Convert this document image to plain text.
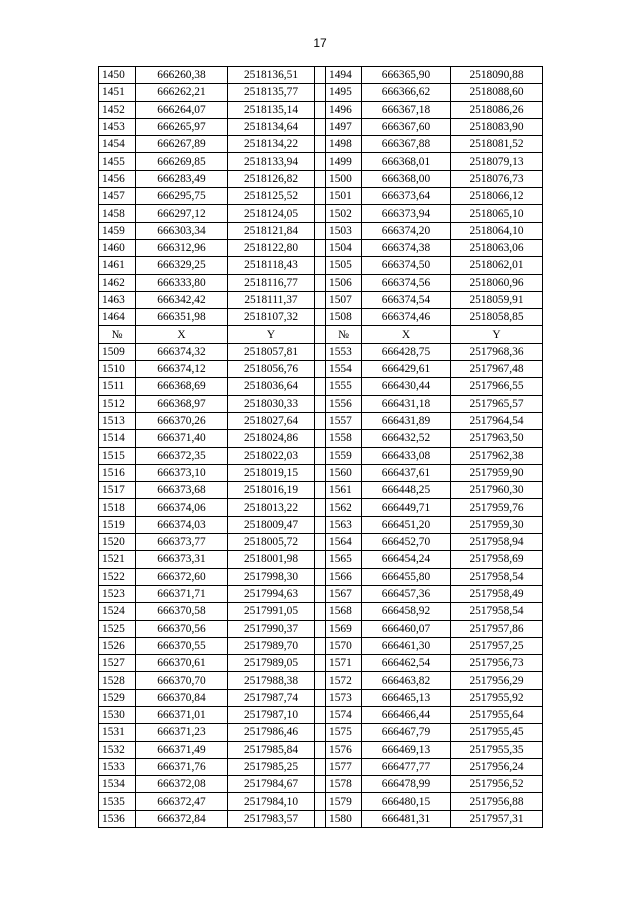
17
1450	666260,38	2518136,51		1494	666365,90	2518090,88
1451	666262,21	2518135,77		1495	666366,62	2518088,60
1452	666264,07	2518135,14		1496	666367,18	2518086,26
1453	666265,97	2518134,64		1497	666367,60	2518083,90
1454	666267,89	2518134,22		1498	666367,88	2518081,52
1455	666269,85	2518133,94		1499	666368,01	2518079,13
1456	666283,49	2518126,82		1500	666368,00	2518076,73
1457	666295,75	2518125,52		1501	666373,64	2518066,12
1458	666297,12	2518124,05		1502	666373,94	2518065,10
1459	666303,34	2518121,84		1503	666374,20	2518064,10
1460	666312,96	2518122,80		1504	666374,38	2518063,06
1461	666329,25	2518118,43		1505	666374,50	2518062,01
1462	666333,80	2518116,77		1506	666374,56	2518060,96
1463	666342,42	2518111,37		1507	666374,54	2518059,91
1464	666351,98	2518107,32		1508	666374,46	2518058,85
№	X	Y		№	X	Y
1509	666374,32	2518057,81		1553	666428,75	2517968,36
1510	666374,12	2518056,76		1554	666429,61	2517967,48
1511	666368,69	2518036,64		1555	666430,44	2517966,55
1512	666368,97	2518030,33		1556	666431,18	2517965,57
1513	666370,26	2518027,64		1557	666431,89	2517964,54
1514	666371,40	2518024,86		1558	666432,52	2517963,50
1515	666372,35	2518022,03		1559	666433,08	2517962,38
1516	666373,10	2518019,15		1560	666437,61	2517959,90
1517	666373,68	2518016,19		1561	666448,25	2517960,30
1518	666374,06	2518013,22		1562	666449,71	2517959,76
1519	666374,03	2518009,47		1563	666451,20	2517959,30
1520	666373,77	2518005,72		1564	666452,70	2517958,94
1521	666373,31	2518001,98		1565	666454,24	2517958,69
1522	666372,60	2517998,30		1566	666455,80	2517958,54
1523	666371,71	2517994,63		1567	666457,36	2517958,49
1524	666370,58	2517991,05		1568	666458,92	2517958,54
1525	666370,56	2517990,37		1569	666460,07	2517957,86
1526	666370,55	2517989,70		1570	666461,30	2517957,25
1527	666370,61	2517989,05		1571	666462,54	2517956,73
1528	666370,70	2517988,38		1572	666463,82	2517956,29
1529	666370,84	2517987,74		1573	666465,13	2517955,92
1530	666371,01	2517987,10		1574	666466,44	2517955,64
1531	666371,23	2517986,46		1575	666467,79	2517955,45
1532	666371,49	2517985,84		1576	666469,13	2517955,35
1533	666371,76	2517985,25		1577	666477,77	2517956,24
1534	666372,08	2517984,67		1578	666478,99	2517956,52
1535	666372,47	2517984,10		1579	666480,15	2517956,88
1536	666372,84	2517983,57		1580	666481,31	2517957,31
